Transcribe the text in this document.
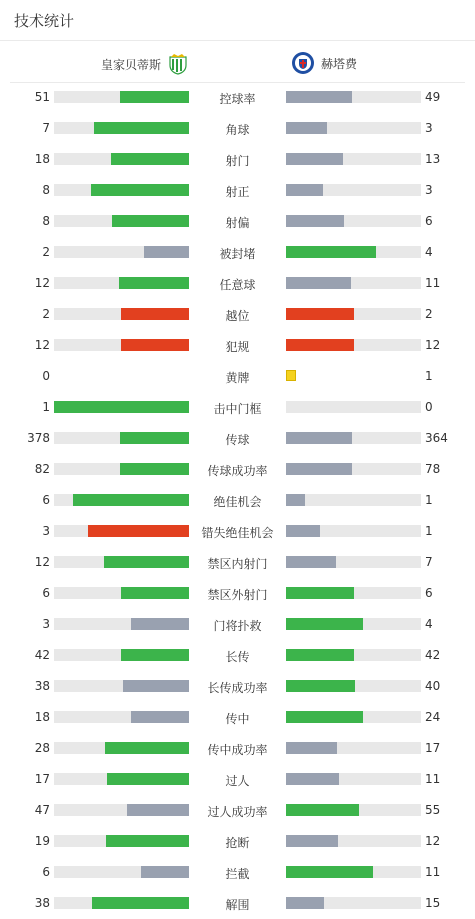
技术统计
皇家贝蒂斯	赫塔费
51	控球率	49
7	角球	3
18	射门	13
8	射正	3
8	射偏	6
2	被封堵	4
12	任意球	11
2	越位	2
12	犯规	12
0	黄牌	1
1	击中门框	0
378	传球	364
82	传球成功率	78
6	绝佳机会	1
3	错失绝佳机会	1
12	禁区内射门	7
6	禁区外射门	6
3	门将扑救	4
42	长传	42
38	长传成功率	40
18	传中	24
28	传中成功率	17
17	过人	11
47	过人成功率	55
19	抢断	12
6	拦截	11
38	解围	15
